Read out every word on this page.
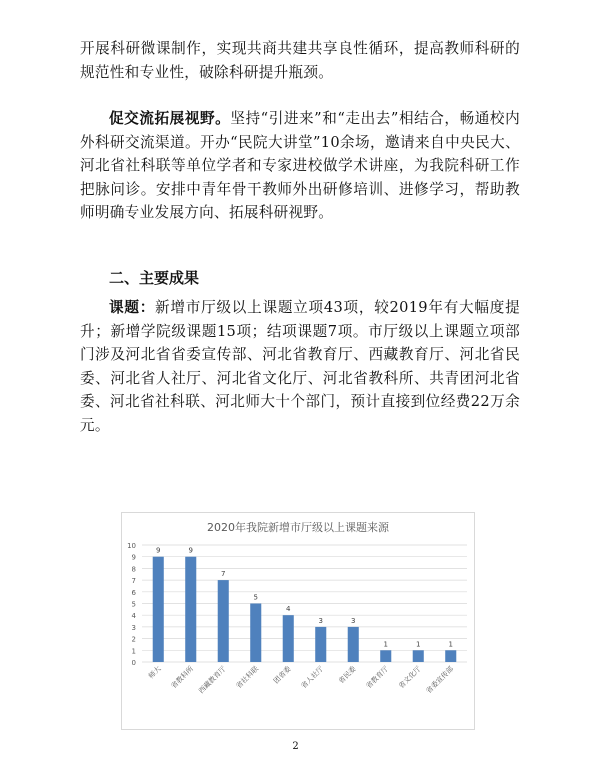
开展科研微课制作，实现共商共建共享良性循环，提高教师科研的规范性和专业性，破除科研提升瓶颈。

促交流拓展视野。坚持“引进来”和“走出去”相结合，畅通校内外科研交流渠道。开办“民院大讲堂”10余场，邀请来自中央民大、河北省社科联等单位学者和专家进校做学术讲座，为我院科研工作把脉问诊。安排中青年骨干教师外出研修培训、进修学习，帮助教师明确专业发展方向、拓展科研视野。

二、主要成果

课题：新增市厅级以上课题立项43项，较2019年有大幅度提升；新增学院级课题15项；结项课题7项。市厅级以上课题立项部门涉及河北省省委宣传部、河北省教育厅、西藏教育厅、河北省民委、河北省人社厅、河北省文化厅、河北省教科所、共青团河北省委、河北省社科联、河北师大十个部门，预计直接到位经费22万余元。

2020年我院新增市厅级以上课题来源
0
1
2
3
4
5
6
7
8
9
10
9
师大
9
省教科所
7
西藏教育厅
5
省社科联
4
团省委
3
省人社厅
3
省民委
1
省教育厅
1
省文化厅
1
省委宣传部
2
